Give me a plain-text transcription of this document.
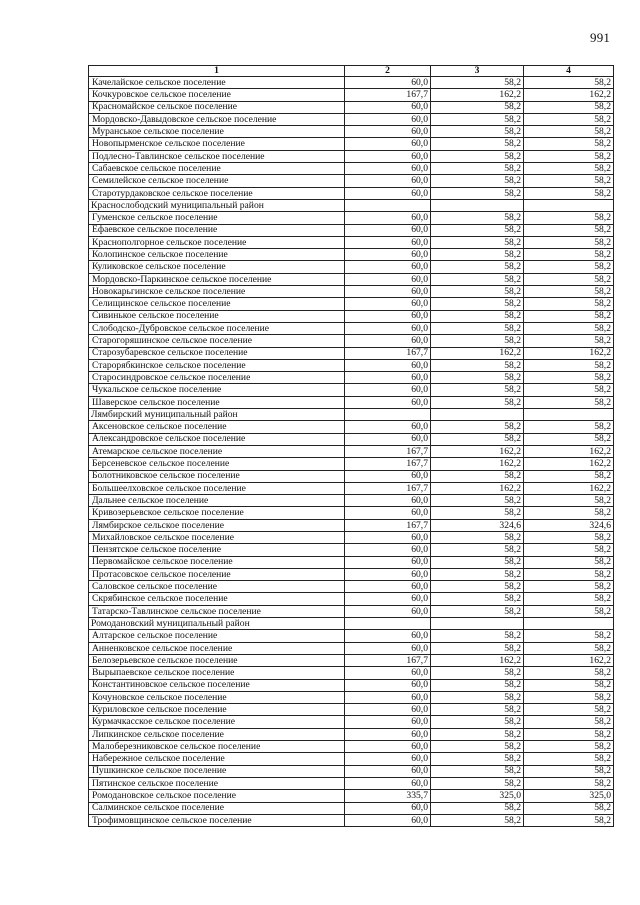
991
1	2	3	4
Качелайское сельское поселение	60,0	58,2	58,2
Кочкуровское сельское поселение	167,7	162,2	162,2
Красномайское сельское поселение	60,0	58,2	58,2
Мордовско-Давыдовское сельское поселение	60,0	58,2	58,2
Муранськое сельское поселение	60,0	58,2	58,2
Новопырменское сельское поселение	60,0	58,2	58,2
Подлесно-Тавлинское сельское поселение	60,0	58,2	58,2
Сабаевское сельское поселение	60,0	58,2	58,2
Семилейское сельское поселение	60,0	58,2	58,2
Старотурдаковское сельское поселение	60,0	58,2	58,2
Краснослободский муниципальный район			
Гуменское сельское поселение	60,0	58,2	58,2
Ефаевское сельское поселение	60,0	58,2	58,2
Краснополгорное сельское поселение	60,0	58,2	58,2
Колопинское сельское поселение	60,0	58,2	58,2
Куликовское сельское поселение	60,0	58,2	58,2
Мордовско-Паркинское сельское поселение	60,0	58,2	58,2
Новокарьгинское сельское поселение	60,0	58,2	58,2
Селищинское сельское поселение	60,0	58,2	58,2
Сивинькое сельское поселение	60,0	58,2	58,2
Слободско-Дубровское сельское поселение	60,0	58,2	58,2
Старогоряшинское сельское поселение	60,0	58,2	58,2
Старозубаревское сельское поселение	167,7	162,2	162,2
Старорябкинское сельское поселение	60,0	58,2	58,2
Старосиндровское сельское поселение	60,0	58,2	58,2
Чукальское сельское поселение	60,0	58,2	58,2
Шаверское сельское поселение	60,0	58,2	58,2
Лямбирский муниципальный район			
Аксеновское сельское поселение	60,0	58,2	58,2
Александровское сельское поселение	60,0	58,2	58,2
Атемарское сельское поселение	167,7	162,2	162,2
Берсеневское сельское поселение	167,7	162,2	162,2
Болотниковское сельское поселение	60,0	58,2	58,2
Большеелховское сельское поселение	167,7	162,2	162,2
Дальнее сельское поселение	60,0	58,2	58,2
Кривозерьевское сельское поселение	60,0	58,2	58,2
Лямбирское сельское поселение	167,7	324,6	324,6
Михайловское сельское поселение	60,0	58,2	58,2
Пензятское сельское поселение	60,0	58,2	58,2
Первомайское сельское поселение	60,0	58,2	58,2
Протасовское сельское поселение	60,0	58,2	58,2
Саловское сельское поселение	60,0	58,2	58,2
Скрябинское сельское поселение	60,0	58,2	58,2
Татарско-Тавлинское сельское поселение	60,0	58,2	58,2
Ромодановский муниципальный район			
Алтарское сельское поселение	60,0	58,2	58,2
Анненковское сельское поселение	60,0	58,2	58,2
Белозерьевское сельское поселение	167,7	162,2	162,2
Вырыпаевское сельское поселение	60,0	58,2	58,2
Константиновское сельское поселение	60,0	58,2	58,2
Кочуновское сельское поселение	60,0	58,2	58,2
Куриловское сельское поселение	60,0	58,2	58,2
Курмачкасское сельское поселение	60,0	58,2	58,2
Липкинское сельское поселение	60,0	58,2	58,2
Малоберезниковское сельское поселение	60,0	58,2	58,2
Набережное сельское поселение	60,0	58,2	58,2
Пушкинское сельское поселение	60,0	58,2	58,2
Пятинское сельское поселение	60,0	58,2	58,2
Ромодановское сельское поселение	335,7	325,0	325,0
Салминское сельское поселение	60,0	58,2	58,2
Трофимовщинское сельское поселение	60,0	58,2	58,2
